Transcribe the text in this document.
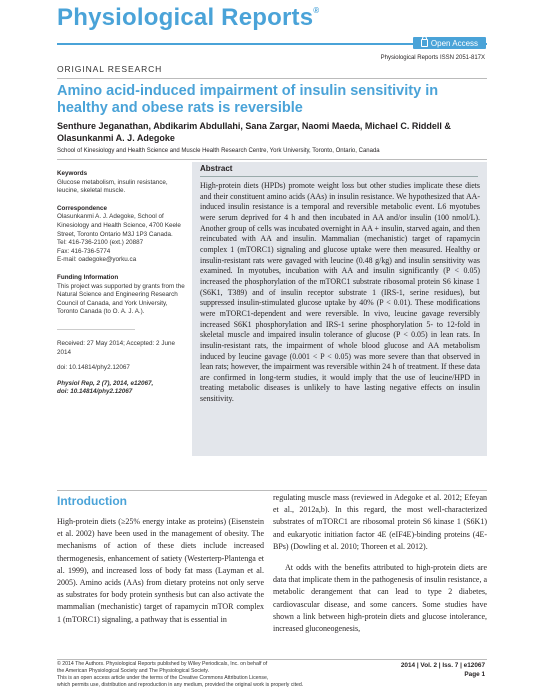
Physiological Reports®
Open Access
Physiological Reports ISSN 2051-817X
ORIGINAL RESEARCH
Amino acid-induced impairment of insulin sensitivity in healthy and obese rats is reversible
Senthure Jeganathan, Abdikarim Abdullahi, Sana Zargar, Naomi Maeda, Michael C. Riddell &
Olasunkanmi A. J. Adegoke
School of Kinesiology and Health Science and Muscle Health Research Centre, York University, Toronto, Ontario, Canada

Keywords

Glucose metabolism, insulin resistance, leucine, skeletal muscle.

Correspondence

Olasunkanmi A. J. Adegoke, School of Kinesiology and Health Science, 4700 Keele Street, Toronto Ontario M3J 1P3 Canada.

Tel: 416-736-2100 (ext.) 20887

Fax: 416-736-5774

E-mail: oadegoke@yorku.ca

Funding Information

This project was supported by grants from the Natural Science and Engineering Research Council of Canada, and York University, Toronto Canada (to O. A. J. A.).

Received: 27 May 2014; Accepted: 2 June 2014

doi: 10.14814/phy2.12067

Physiol Rep, 2 (7), 2014, e12067,

doi: 10.14814/phy2.12067

Abstract
High-protein diets (HPDs) promote weight loss but other studies implicate these diets and their constituent amino acids (AAs) in insulin resistance. We hypothesized that AA-induced insulin resistance is a temporal and reversible metabolic event. L6 myotubes were serum deprived for 4 h and then incubated in AA and/or insulin (100 nmol/L). Another group of cells was incubated overnight in AA + insulin, starved again, and then reincubated with AA and insulin. Mammalian (mechanistic) target of rapamycin complex 1 (mTORC1) signaling and glucose uptake were then measured. Healthy or insulin-resistant rats were gavaged with leucine (0.48 g/kg) and insulin sensitivity was examined. In myotubes, incubation with AA and insulin significantly (P < 0.05) increased the phosphorylation of the mTORC1 substrate ribosomal protein S6 kinase 1 (S6K1, T389) and of insulin receptor substrate 1 (IRS-1, serine residues), but suppressed insulin-stimulated glucose uptake by 40% (P < 0.01). These modifications were mTORC1-dependent and were reversible. In vivo, leucine gavage reversibly increased S6K1 phosphorylation and IRS-1 serine phosphorylation 5- to 12-fold in skeletal muscle and impaired insulin tolerance of glucose (P < 0.05) in lean rats. In insulin-resistant rats, the impairment of whole blood glucose and AA metabolism induced by leucine gavage (0.001 < P < 0.05) was more severe than that observed in lean rats; however, the impairment was reversible within 24 h of treatment. If these data are confirmed in long-term studies, it would imply that the use of leucine/HPD in treating metabolic diseases is unlikely to have lasting negative effects on insulin sensitivity.
Introduction
High-protein diets (≥25% energy intake as proteins) (Eisenstein et al. 2002) have been used in the management of obesity. The mechanisms of action of these diets include increased thermogenesis, enhancement of satiety (Westerterp-Plantenga et al. 1999), and increased loss of body fat mass (Layman et al. 2005). Amino acids (AAs) from dietary proteins not only serve as substrates for body protein synthesis but can also activate the mammalian (mechanistic) target of rapamycin mTOR complex 1 (mTORC1) signaling, a pathway that is essential in
regulating muscle mass (reviewed in Adegoke et al. 2012; Efeyan et al., 2012a,b). In this regard, the most well-characterized substrates of mTORC1 are ribosomal protein S6 kinase 1 (S6K1) and eukaryotic initiation factor 4E (eIF4E)-binding proteins (4E-BPs) (Dowling et al. 2010; Thoreen et al. 2012).
At odds with the benefits attributed to high-protein diets are data that implicate them in the pathogenesis of insulin resistance, a metabolic derangement that can lead to type 2 diabetes, cardiovascular disease, and some cancers. Some studies have shown a link between high-protein diets and glucose intolerance, increased gluconeogenesis,
© 2014 The Authors. Physiological Reports published by Wiley Periodicals, Inc. on behalf of
the American Physiological Society and The Physiological Society.
This is an open access article under the terms of the Creative Commons Attribution License,
which permits use, distribution and reproduction in any medium, provided the original work is properly cited.
2014 | Vol. 2 | Iss. 7 | e12067
Page 1
